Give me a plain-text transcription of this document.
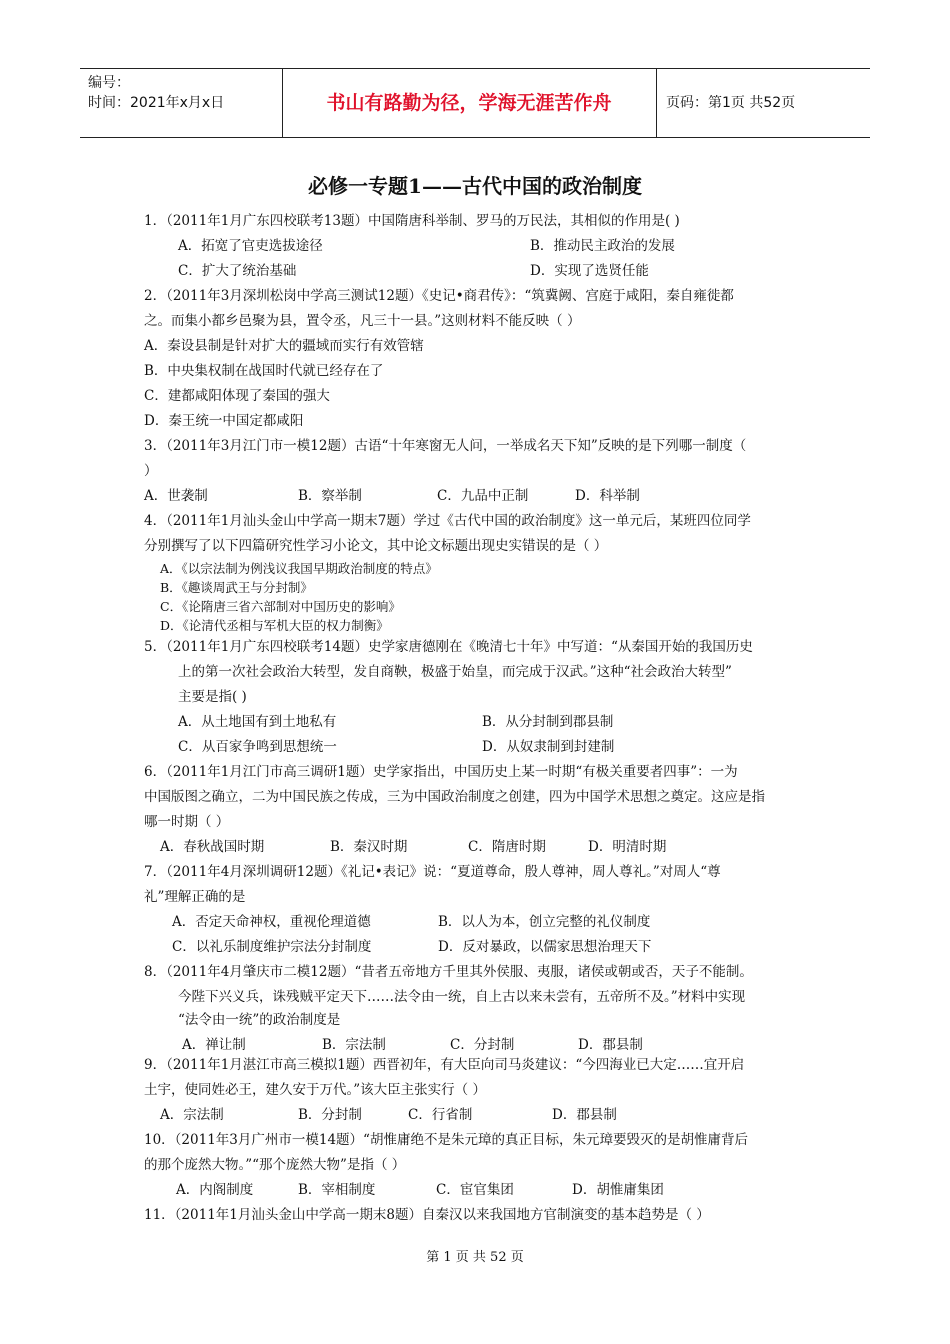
编号：
时间：2021年x月x日	书山有路勤为径，学海无涯苦作舟	页码：第1页 共52页
必修一专题1——古代中国的政治制度
1．（2011年1月广东四校联考13题）中国隋唐科举制、罗马的万民法，其相似的作用是( )
A．拓宽了官吏选拔途径	B．推动民主政治的发展
C．扩大了统治基础	D．实现了选贤任能
2．（2011年3月深圳松岗中学高三测试12题）《史记•商君传》：“筑冀阙、宫庭于咸阳，秦自雍徙都
之。而集小都乡邑聚为县，置令丞，凡三十一县。”这则材料不能反映（ ）
A．秦设县制是针对扩大的疆域而实行有效管辖
B．中央集权制在战国时代就已经存在了
C．建都咸阳体现了秦国的强大
D．秦王统一中国定都咸阳
3．（2011年3月江门市一模12题）古语“十年寒窗无人问，一举成名天下知”反映的是下列哪一制度（
）
A．世袭制	B．察举制	C．九品中正制	D．科举制
4．（2011年1月汕头金山中学高一期末7题）学过《古代中国的政治制度》这一单元后，某班四位同学
分别撰写了以下四篇研究性学习小论文，其中论文标题出现史实错误的是（ ）
A．《以宗法制为例浅议我国早期政治制度的特点》
B．《趣谈周武王与分封制》
C．《论隋唐三省六部制对中国历史的影响》
D．《论清代丞相与军机大臣的权力制衡》
5．（2011年1月广东四校联考14题）史学家唐德刚在《晚清七十年》中写道：“从秦国开始的我国历史
上的第一次社会政治大转型，发自商鞅，极盛于始皇，而完成于汉武。”这种“社会政治大转型”
主要是指( )
A．从土地国有到土地私有	B．从分封制到郡县制
C．从百家争鸣到思想统一	D．从奴隶制到封建制
6．（2011年1月江门市高三调研1题）史学家指出，中国历史上某一时期“有极关重要者四事”：一为
中国版图之确立，二为中国民族之传成，三为中国政治制度之创建，四为中国学术思想之奠定。这应是指
哪一时期（ ）
A．春秋战国时期	B．秦汉时期	C．隋唐时期	D．明清时期
7．（2011年4月深圳调研12题）《礼记•表记》说：“夏道尊命，殷人尊神，周人尊礼。”对周人“尊
礼”理解正确的是
A．否定天命神权，重视伦理道德	B．以人为本，创立完整的礼仪制度
C．以礼乐制度维护宗法分封制度	D．反对暴政，以儒家思想治理天下
8．（2011年4月肇庆市二模12题）“昔者五帝地方千里其外侯服、夷服，诸侯或朝或否，天子不能制。
今陛下兴义兵，诛残贼平定天下……法令由一统，自上古以来未尝有，五帝所不及。”材料中实现
“法令由一统”的政治制度是
A．禅让制	B．宗法制	C．分封制	D．郡县制
9．（2011年1月湛江市高三模拟1题）西晋初年，有大臣向司马炎建议：“今四海业已大定……宜开启
土宇，使同姓必王，建久安于万代。”该大臣主张实行（ ）
A．宗法制	B．分封制	C．行省制	D．郡县制
10．（2011年3月广州市一模14题）“胡惟庸绝不是朱元璋的真正目标，朱元璋要毁灭的是胡惟庸背后
的那个庞然大物。”“那个庞然大物”是指（ ）
A．内阁制度	B．宰相制度	C．宦官集团	D．胡惟庸集团
11．（2011年1月汕头金山中学高一期末8题）自秦汉以来我国地方官制演变的基本趋势是（ ）
第 1 页 共 52 页
